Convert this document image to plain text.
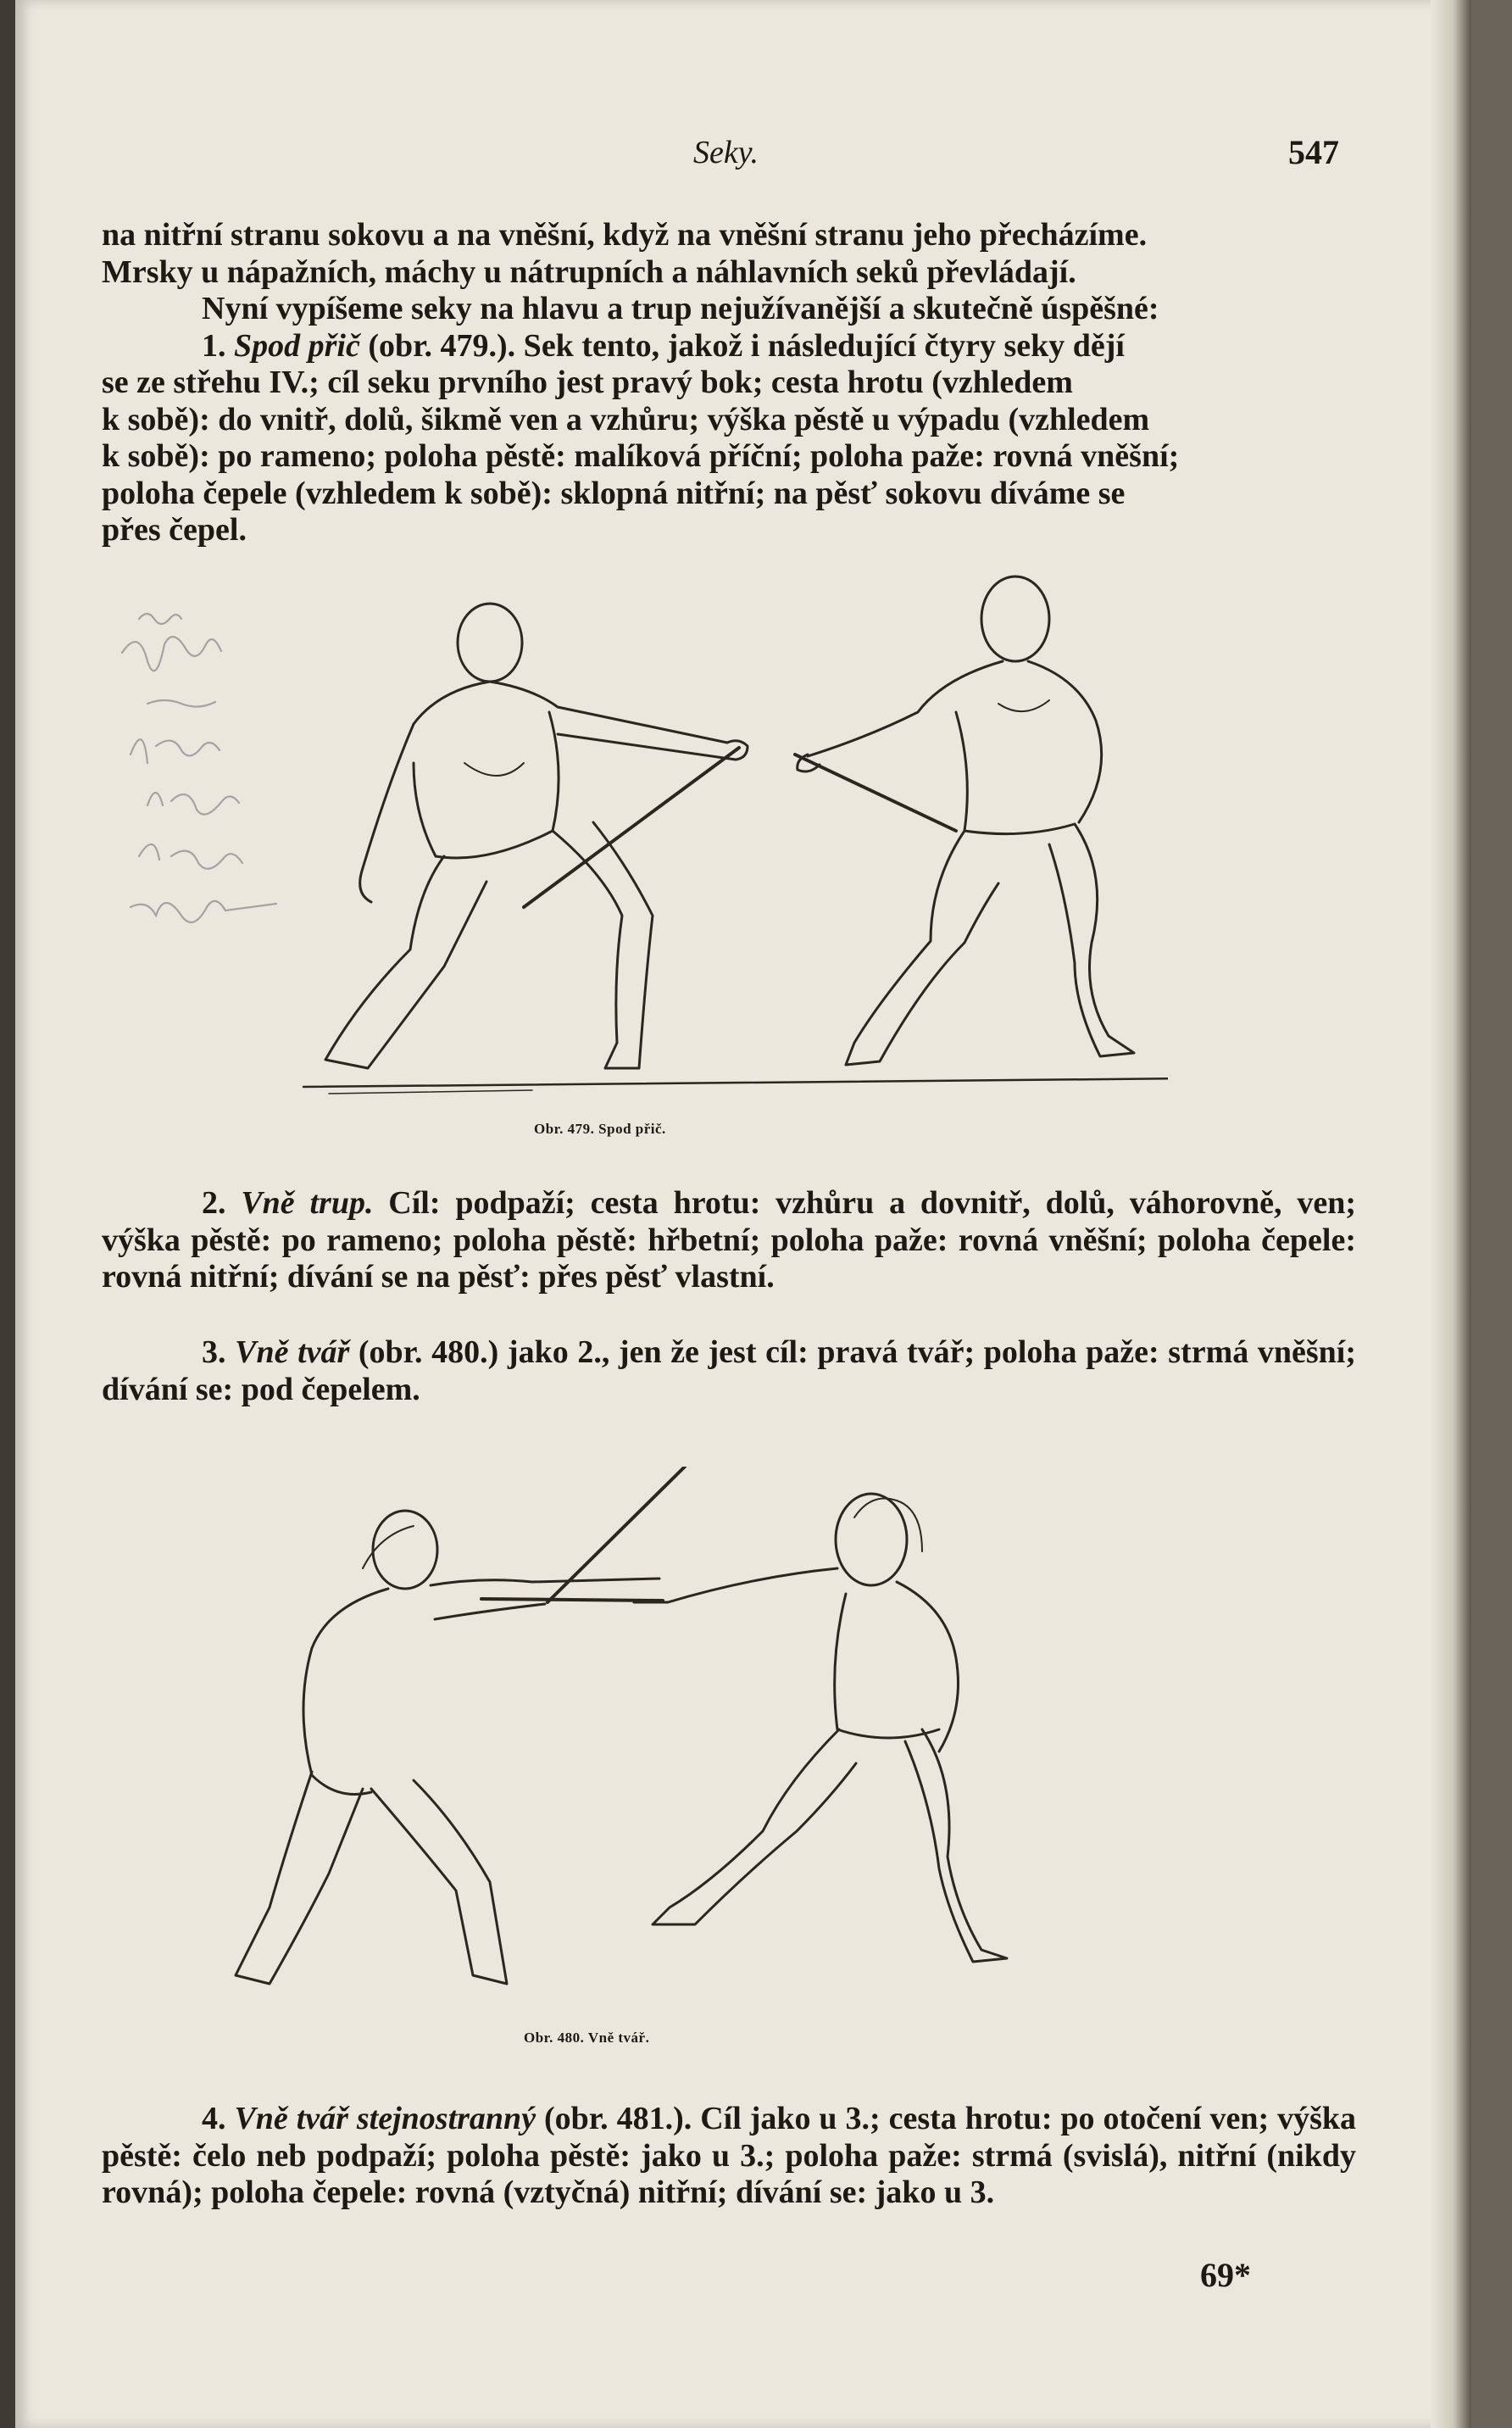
Seky.	547
na nitřní stranu sokovu a na vněšní, když na vněšní stranu jeho přecházíme.
Mrsky u nápažních, máchy u nátrupních a náhlavních seků převládají.
Nyní vypíšeme seky na hlavu a trup nejužívanější a skutečně úspěšné:
1. Spod přič (obr. 479.). Sek tento, jakož i následující čtyry seky dějí
se ze střehu IV.; cíl seku prvního jest pravý bok; cesta hrotu (vzhledem
k sobě): do vnitř, dolů, šikmě ven a vzhůru; výška pěstě u výpadu (vzhledem
k sobě): po rameno; poloha pěstě: malíková příční; poloha paže: rovná vněšní;
poloha čepele (vzhledem k sobě): sklopná nitřní; na pěsť sokovu díváme se
přes čepel.

2. Vně trup. Cíl: podpaží; cesta hrotu: vzhůru a dovnitř, dolů, váhorovně, ven; výška pěstě: po rameno; poloha pěstě: hřbetní; poloha paže: rovná vněšní; poloha čepele: rovná nitřní; dívání se na pěsť: přes pěsť vlastní.

3. Vně tvář (obr. 480.) jako 2., jen že jest cíl: pravá tvář; poloha paže: strmá vněšní; dívání se: pod čepelem.

4. Vně tvář stejnostranný (obr. 481.). Cíl jako u 3.; cesta hrotu: po otočení ven; výška pěstě: čelo neb podpaží; poloha pěstě: jako u 3.; poloha paže: strmá (svislá), nitřní (nikdy rovná); poloha čepele: rovná (vztyčná) nitřní; dívání se: jako u 3.

69*
Obr. 479. Spod přič.
Obr. 480. Vně tvář.
